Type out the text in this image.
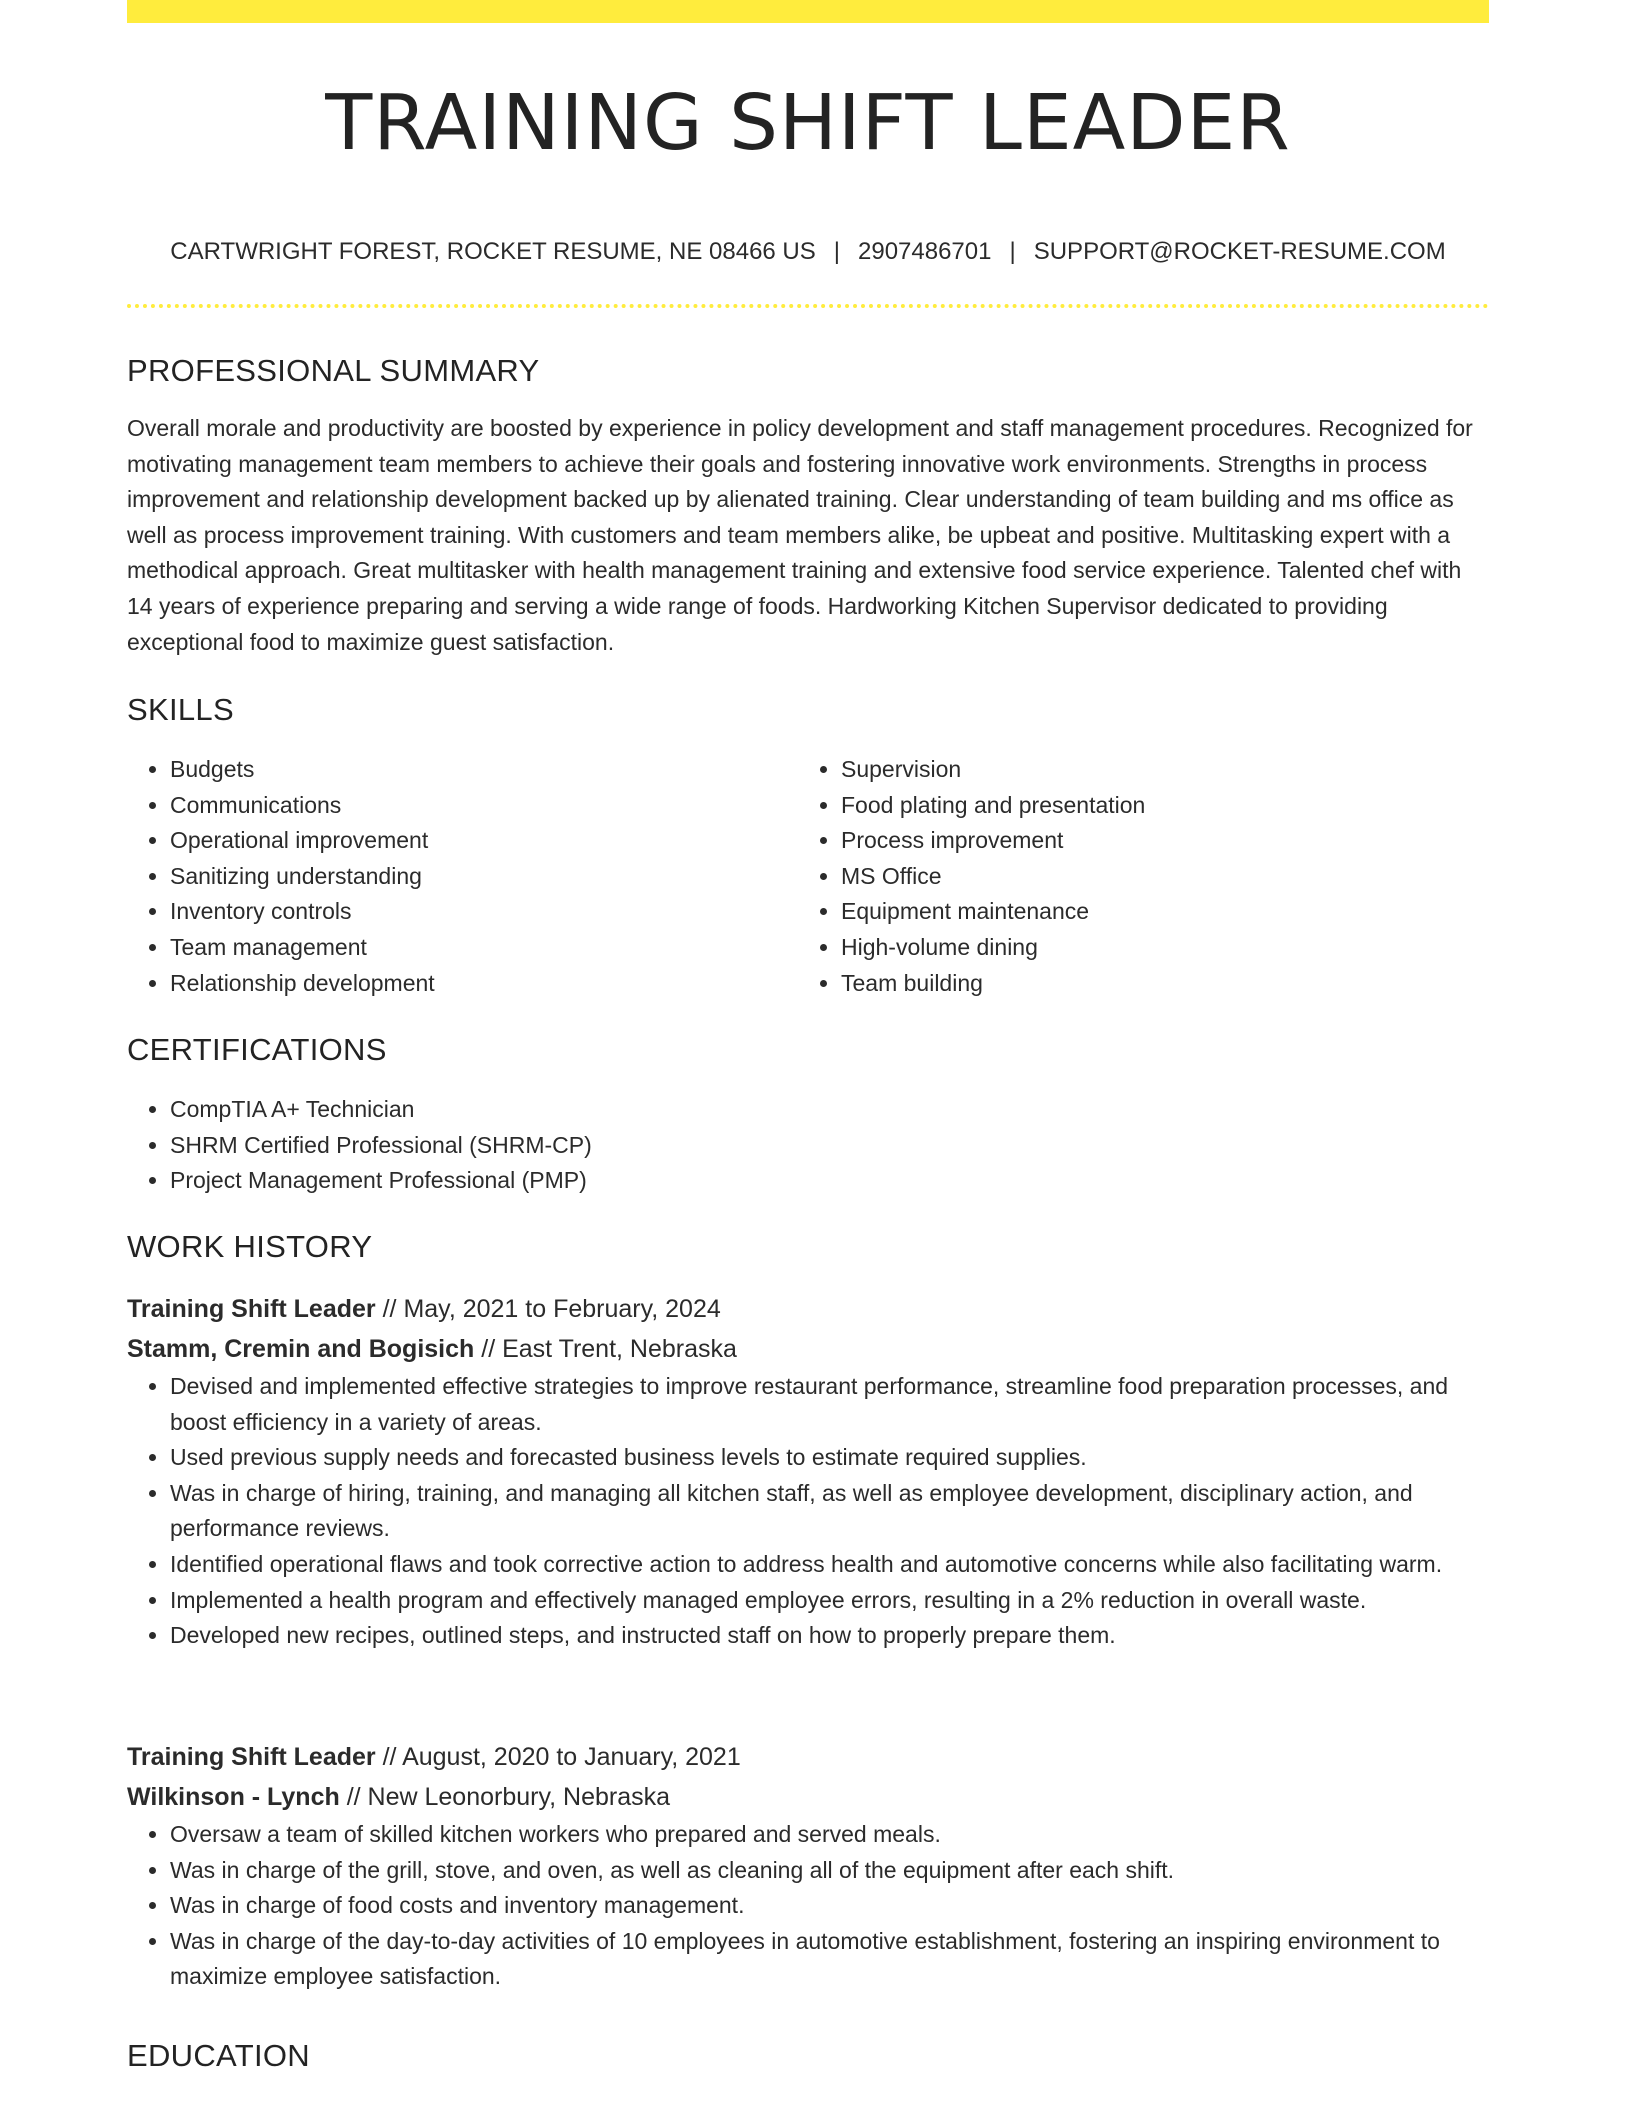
TRAINING SHIFT LEADER
CARTWRIGHT FOREST, ROCKET RESUME, NE 08466 US | 2907486701 | SUPPORT@ROCKET-RESUME.COM
PROFESSIONAL SUMMARY

Overall morale and productivity are boosted by experience in policy development and staff management procedures. Recognized for motivating management team members to achieve their goals and fostering innovative work environments. Strengths in process improvement and relationship development backed up by alienated training. Clear understanding of team building and ms office as well as process improvement training. With customers and team members alike, be upbeat and positive. Multitasking expert with a methodical approach. Great multitasker with health management training and extensive food service experience. Talented chef with 14 years of experience preparing and serving a wide range of foods. Hardworking Kitchen Supervisor dedicated to providing exceptional food to maximize guest satisfaction.

SKILLS
• Budgets
• Communications
• Operational improvement
• Sanitizing understanding
• Inventory controls
• Team management
• Relationship development
• Supervision
• Food plating and presentation
• Process improvement
• MS Office
• Equipment maintenance
• High-volume dining
• Team building
CERTIFICATIONS
• CompTIA A+ Technician
• SHRM Certified Professional (SHRM-CP)
• Project Management Professional (PMP)
WORK HISTORY
Training Shift Leader // May, 2021 to February, 2024
Stamm, Cremin and Bogisich // East Trent, Nebraska
• Devised and implemented effective strategies to improve restaurant performance, streamline food preparation processes, and boost efficiency in a variety of areas.
• Used previous supply needs and forecasted business levels to estimate required supplies.
• Was in charge of hiring, training, and managing all kitchen staff, as well as employee development, disciplinary action, and performance reviews.
• Identified operational flaws and took corrective action to address health and automotive concerns while also facilitating warm.
• Implemented a health program and effectively managed employee errors, resulting in a 2% reduction in overall waste.
• Developed new recipes, outlined steps, and instructed staff on how to properly prepare them.
Training Shift Leader // August, 2020 to January, 2021
Wilkinson - Lynch // New Leonorbury, Nebraska
• Oversaw a team of skilled kitchen workers who prepared and served meals.
• Was in charge of the grill, stove, and oven, as well as cleaning all of the equipment after each shift.
• Was in charge of food costs and inventory management.
• Was in charge of the day-to-day activities of 10 employees in automotive establishment, fostering an inspiring environment to maximize employee satisfaction.
EDUCATION
